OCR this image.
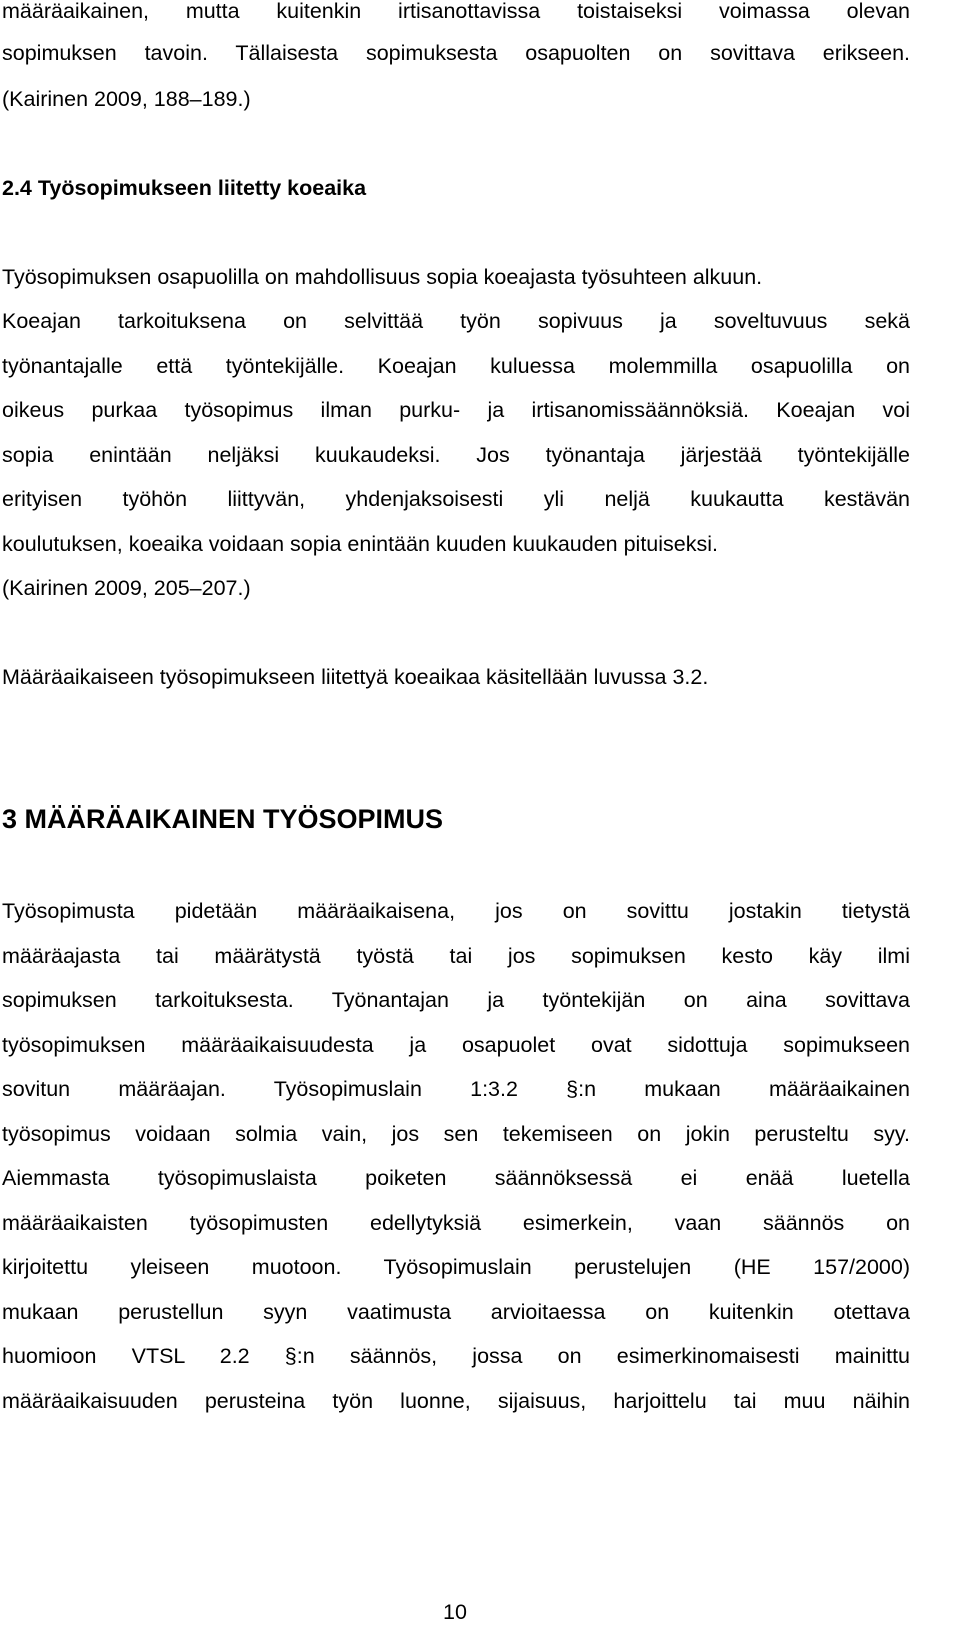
määräaikainen, mutta kuitenkin irtisanottavissa toistaiseksi voimassa olevan
sopimuksen tavoin. Tällaisesta sopimuksesta osapuolten on sovittava erikseen.
(Kairinen 2009, 188–189.)
2.4 Työsopimukseen liitetty koeaika
Työsopimuksen osapuolilla on mahdollisuus sopia koeajasta työsuhteen alkuun.
Koeajan tarkoituksena on selvittää työn sopivuus ja soveltuvuus sekä
työnantajalle että työntekijälle. Koeajan kuluessa molemmilla osapuolilla on
oikeus purkaa työsopimus ilman purku- ja irtisanomissäännöksiä. Koeajan voi
sopia enintään neljäksi kuukaudeksi. Jos työnantaja järjestää työntekijälle
erityisen työhön liittyvän, yhdenjaksoisesti yli neljä kuukautta kestävän
koulutuksen, koeaika voidaan sopia enintään kuuden kuukauden pituiseksi.
(Kairinen 2009, 205–207.)
Määräaikaiseen työsopimukseen liitettyä koeaikaa käsitellään luvussa 3.2.
3 MÄÄRÄAIKAINEN TYÖSOPIMUS
Työsopimusta pidetään määräaikaisena, jos on sovittu jostakin tietystä
määräajasta tai määrätystä työstä tai jos sopimuksen kesto käy ilmi
sopimuksen tarkoituksesta. Työnantajan ja työntekijän on aina sovittava
työsopimuksen määräaikaisuudesta ja osapuolet ovat sidottuja sopimukseen
sovitun määräajan. Työsopimuslain 1:3.2 §:n mukaan määräaikainen
työsopimus voidaan solmia vain, jos sen tekemiseen on jokin perusteltu syy.
Aiemmasta työsopimuslaista poiketen säännöksessä ei enää luetella
määräaikaisten työsopimusten edellytyksiä esimerkein, vaan säännös on
kirjoitettu yleiseen muotoon. Työsopimuslain perustelujen (HE 157/2000)
mukaan perustellun syyn vaatimusta arvioitaessa on kuitenkin otettava
huomioon VTSL 2.2 §:n säännös, jossa on esimerkinomaisesti mainittu
määräaikaisuuden perusteina työn luonne, sijaisuus, harjoittelu tai muu näihin
10
